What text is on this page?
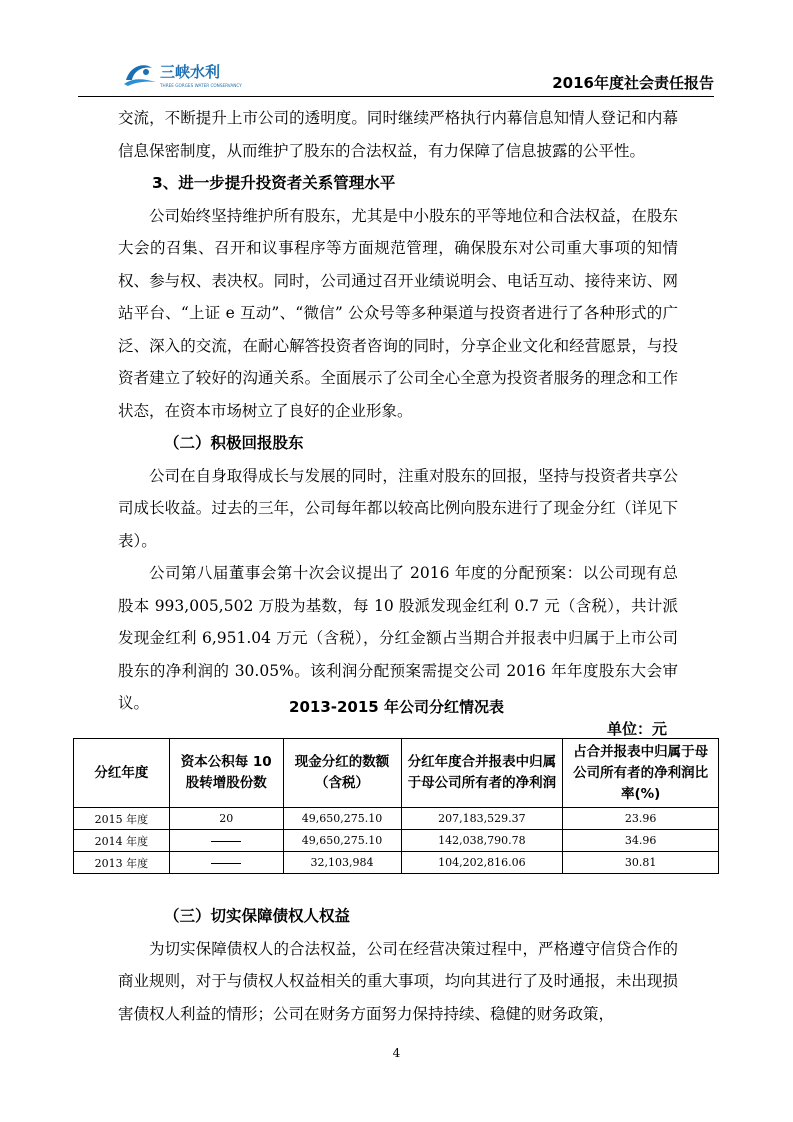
三峡水利
THREE GORGES WATER CONSERVANCY	2016年度社会责任报告

交流，不断提升上市公司的透明度。同时继续严格执行内幕信息知情人登记和内幕信息保密制度，从而维护了股东的合法权益，有力保障了信息披露的公平性。

3、进一步提升投资者关系管理水平

公司始终坚持维护所有股东，尤其是中小股东的平等地位和合法权益，在股东大会的召集、召开和议事程序等方面规范管理，确保股东对公司重大事项的知情权、参与权、表决权。同时，公司通过召开业绩说明会、电话互动、接待来访、网站平台、“上证 e 互动”、“微信” 公众号等多种渠道与投资者进行了各种形式的广泛、深入的交流，在耐心解答投资者咨询的同时，分享企业文化和经营愿景，与投资者建立了较好的沟通关系。全面展示了公司全心全意为投资者服务的理念和工作状态，在资本市场树立了良好的企业形象。

（二）积极回报股东

公司在自身取得成长与发展的同时，注重对股东的回报，坚持与投资者共享公司成长收益。过去的三年，公司每年都以较高比例向股东进行了现金分红（详见下表）。

公司第八届董事会第十次会议提出了 2016 年度的分配预案：以公司现有总股本 993,005,502 万股为基数，每 10 股派发现金红利 0.7 元（含税），共计派发现金红利 6,951.04 万元（含税），分红金额占当期合并报表中归属于上市公司股东的净利润的 30.05%。该利润分配预案需提交公司 2016 年年度股东大会审议。	2013-2015 年公司分红情况表
单位：元
分红年度	资本公积每 10 股转增股份数	现金分红的数额（含税）	分红年度合并报表中归属于母公司所有者的净利润	占合并报表中归属于母公司所有者的净利润比率(%)
2015 年度	20	49,650,275.10	207,183,529.37	23.96
2014 年度		49,650,275.10	142,038,790.78	34.96
2013 年度		32,103,984	104,202,816.06	30.81

（三）切实保障债权人权益

为切实保障债权人的合法权益，公司在经营决策过程中，严格遵守信贷合作的商业规则，对于与债权人权益相关的重大事项，均向其进行了及时通报，未出现损害债权人利益的情形；公司在财务方面努力保持持续、稳健的财务政策，

4
